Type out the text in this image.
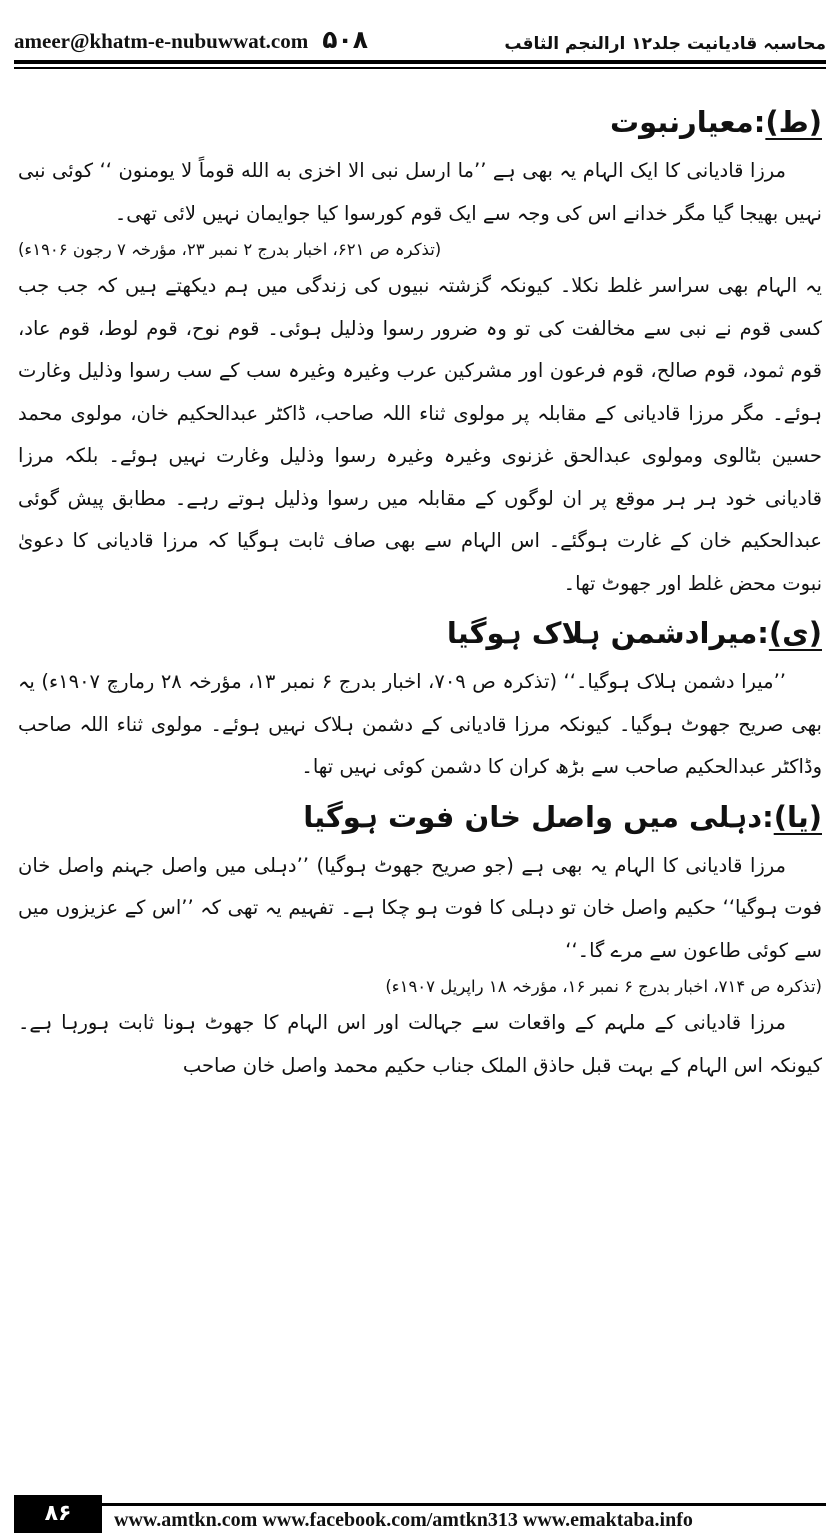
ameer@khatm-e-nubuwwat.com ۵۰۸	محاسبہ قادیانیت جلد۱۲ ارالنجم الثاقب
(ط):معیارنبوت

مرزا قادیانی کا ایک الہام یہ بھی ہے ’’ما ارسل نبی الا اخزی به الله قوماً لا یومنون ‘‘ کوئی نبی نہیں بھیجا گیا مگر خدانے اس کی وجہ سے ایک قوم کورسوا کیا جوایمان نہیں لائی تھی۔

(تذکرہ ص ۶۲۱، اخبار بدرج ۲ نمبر ۲۳، مؤرخہ ۷ رجون ۱۹۰۶ء)

یہ الہام بھی سراسر غلط نکلا۔ کیونکہ گزشتہ نبیوں کی زندگی میں ہم دیکھتے ہیں کہ جب جب کسی قوم نے نبی سے مخالفت کی تو وہ ضرور رسوا وذلیل ہوئی۔ قوم نوح، قوم لوط، قوم عاد، قوم ثمود، قوم صالح، قوم فرعون اور مشرکین عرب وغیرہ وغیرہ سب کے سب رسوا وذلیل وغارت ہوئے۔ مگر مرزا قادیانی کے مقابلہ پر مولوی ثناء اللہ صاحب، ڈاکٹر عبدالحکیم خان، مولوی محمد حسین بٹالوی ومولوی عبدالحق غزنوی وغیرہ وغیرہ رسوا وذلیل وغارت نہیں ہوئے۔ بلکہ مرزا قادیانی خود ہر ہر موقع پر ان لوگوں کے مقابلہ میں رسوا وذلیل ہوتے رہے۔ مطابق پیش گوئی عبدالحکیم خان کے غارت ہوگئے۔ اس الہام سے بھی صاف ثابت ہوگیا کہ مرزا قادیانی کا دعویٰ نبوت محض غلط اور جھوٹ تھا۔

(ی):میرادشمن ہلاک ہوگیا

’’میرا دشمن ہلاک ہوگیا۔‘‘ (تذکرہ ص ۷۰۹، اخبار بدرج ۶ نمبر ۱۳، مؤرخہ ۲۸ رمارچ ۱۹۰۷ء) یہ بھی صریح جھوٹ ہوگیا۔ کیونکہ مرزا قادیانی کے دشمن ہلاک نہیں ہوئے۔ مولوی ثناء اللہ صاحب وڈاکٹر عبدالحکیم صاحب سے بڑھ کران کا دشمن کوئی نہیں تھا۔

(یا):دہلی میں واصل خان فوت ہوگیا

مرزا قادیانی کا الہام یہ بھی ہے (جو صریح جھوٹ ہوگیا) ’’دہلی میں واصل جہنم واصل خان فوت ہوگیا‘‘ حکیم واصل خان تو دہلی کا فوت ہو چکا ہے۔ تفہیم یہ تھی کہ ’’اس کے عزیزوں میں سے کوئی طاعون سے مرے گا۔‘‘

(تذکرہ ص ۷۱۴، اخبار بدرج ۶ نمبر ۱۶، مؤرخہ ۱۸ راپریل ۱۹۰۷ء)

مرزا قادیانی کے ملہم کے واقعات سے جہالت اور اس الہام کا جھوٹ ہونا ثابت ہورہا ہے۔ کیونکہ اس الہام کے بہت قبل حاذق الملک جناب حکیم محمد واصل خان صاحب

۸۶	www.amtkn.com www.facebook.com/amtkn313 www.emaktaba.info
